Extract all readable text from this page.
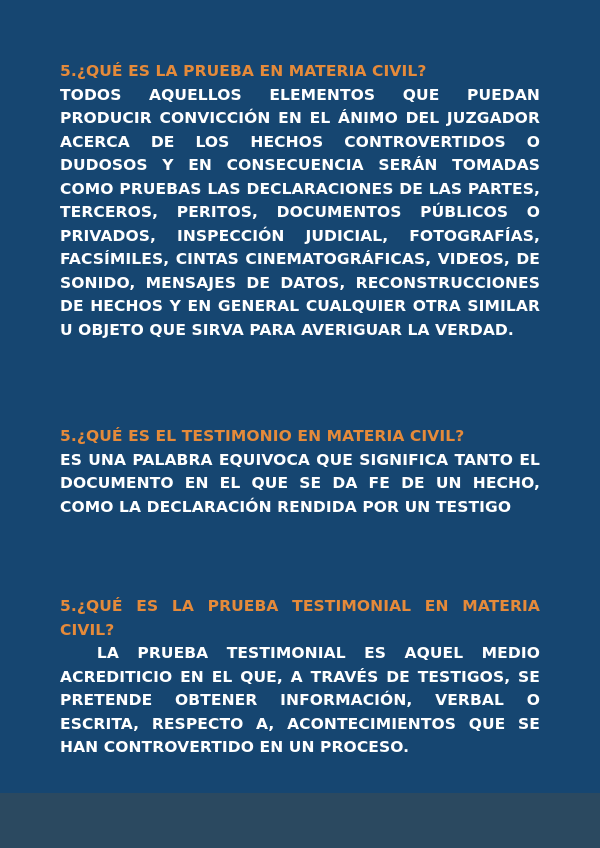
5.¿QUÉ ES LA PRUEBA EN MATERIA CIVIL?

TODOS AQUELLOS ELEMENTOS QUE PUEDAN PRODUCIR CONVICCIÓN EN EL ÁNIMO DEL JUZGADOR ACERCA DE LOS HECHOS CONTROVERTIDOS O DUDOSOS Y EN CONSECUENCIA SERÁN TOMADAS COMO PRUEBAS LAS DECLARACIONES DE LAS PARTES, TERCEROS, PERITOS, DOCUMENTOS PÚBLICOS O PRIVADOS, INSPECCIÓN JUDICIAL, FOTOGRAFÍAS, FACSÍMILES, CINTAS CINEMATOGRÁFICAS, VIDEOS, DE SONIDO, MENSAJES DE DATOS, RECONSTRUCCIONES DE HECHOS Y EN GENERAL CUALQUIER OTRA SIMILAR U OBJETO QUE SIRVA PARA AVERIGUAR LA VERDAD.

5.¿QUÉ ES EL TESTIMONIO EN MATERIA CIVIL?

ES UNA PALABRA EQUIVOCA QUE SIGNIFICA TANTO EL DOCUMENTO EN EL QUE SE DA FE DE UN HECHO, COMO LA DECLARACIÓN RENDIDA POR UN TESTIGO

5.¿QUÉ ES LA PRUEBA TESTIMONIAL EN MATERIA CIVIL?

LA PRUEBA TESTIMONIAL ES AQUEL MEDIO ACREDITICIO EN EL QUE, A TRAVÉS DE TESTIGOS, SE PRETENDE OBTENER INFORMACIÓN, VERBAL O ESCRITA, RESPECTO A, ACONTECIMIENTOS QUE SE HAN CONTROVERTIDO EN UN PROCESO.
